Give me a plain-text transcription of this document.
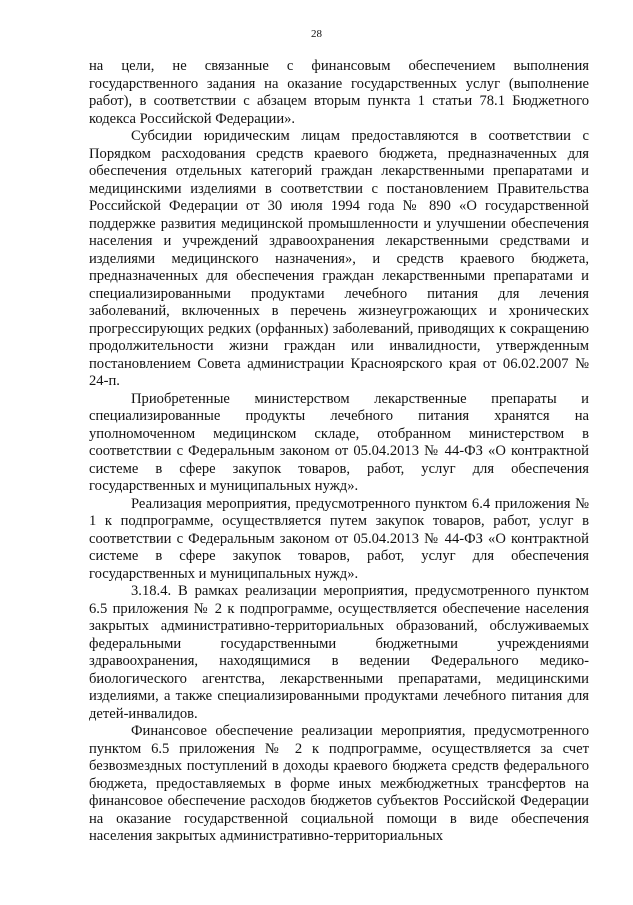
28

на цели, не связанные с финансовым обеспечением выполнения государственного задания на оказание государственных услуг (выполнение работ), в соответствии с абзацем вторым пункта 1 статьи 78.1 Бюджетного кодекса Российской Федерации».

Субсидии юридическим лицам предоставляются в соответствии с Порядком расходования средств краевого бюджета, предназначенных для обеспечения отдельных категорий граждан лекарственными препаратами и медицинскими изделиями в соответствии с постановлением Правительства Российской Федерации от 30 июля 1994 года № 890 «О государственной поддержке развития медицинской промышленности и улучшении обеспечения населения и учреждений здравоохранения лекарственными средствами и изделиями медицинского назначения», и средств краевого бюджета, предназначенных для обеспечения граждан лекарственными препаратами и специализированными продуктами лечебного питания для лечения заболеваний, включенных в перечень жизнеугрожающих и хронических прогрессирующих редких (орфанных) заболеваний, приводящих к сокращению продолжительности жизни граждан или инвалидности, утвержденным постановлением Совета администрации Красноярского края от 06.02.2007 № 24-п.

Приобретенные министерством лекарственные препараты и специализированные продукты лечебного питания хранятся на уполномоченном медицинском складе, отобранном министерством в соответствии с Федеральным законом от 05.04.2013 № 44-ФЗ «О контрактной системе в сфере закупок товаров, работ, услуг для обеспечения государственных и муниципальных нужд».

Реализация мероприятия, предусмотренного пунктом 6.4 приложения № 1 к подпрограмме, осуществляется путем закупок товаров, работ, услуг в соответствии с Федеральным законом от 05.04.2013 № 44-ФЗ «О контрактной системе в сфере закупок товаров, работ, услуг для обеспечения государственных и муниципальных нужд».

3.18.4. В рамках реализации мероприятия, предусмотренного пунктом 6.5 приложения № 2 к подпрограмме, осуществляется обеспечение населения закрытых административно-территориальных образований, обслуживаемых федеральными государственными бюджетными учреждениями здравоохранения, находящимися в ведении Федерального медико-биологического агентства, лекарственными препаратами, медицинскими изделиями, а также специализированными продуктами лечебного питания для детей-инвалидов.

Финансовое обеспечение реализации мероприятия, предусмотренного пунктом 6.5 приложения № 2 к подпрограмме, осуществляется за счет безвозмездных поступлений в доходы краевого бюджета средств федерального бюджета, предоставляемых в форме иных межбюджетных трансфертов на финансовое обеспечение расходов бюджетов субъектов Российской Федерации на оказание государственной социальной помощи в виде обеспечения населения закрытых административно-территориальных
